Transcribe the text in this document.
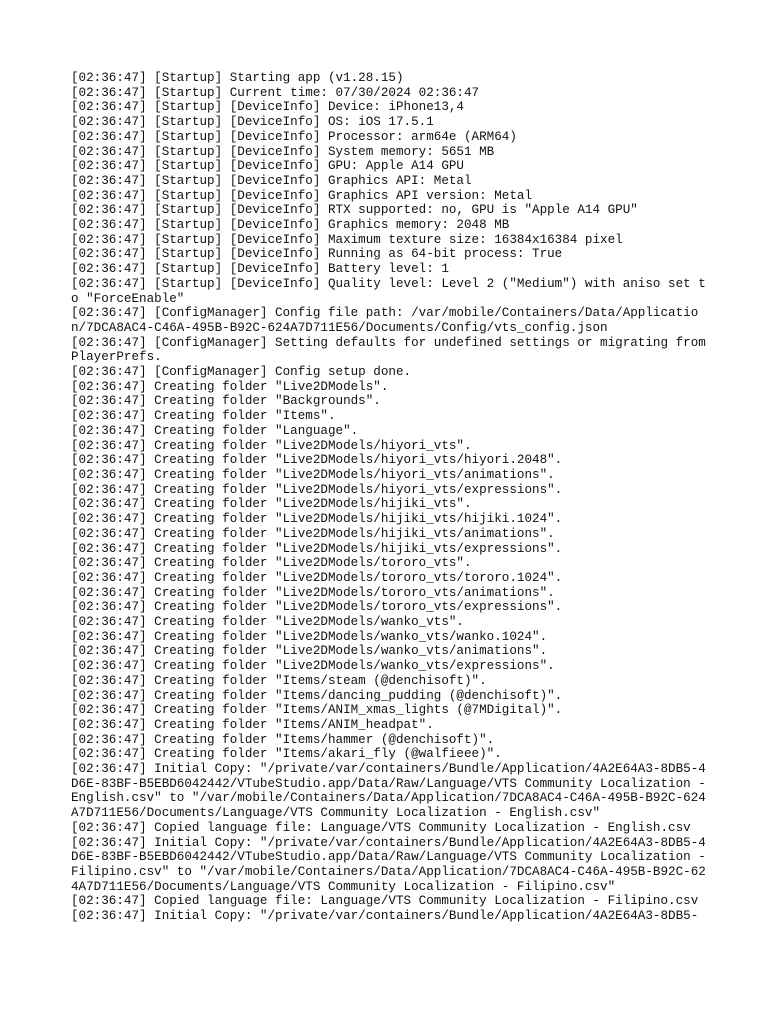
[02:36:47] [Startup] Starting app (v1.28.15)
[02:36:47] [Startup] Current time: 07/30/2024 02:36:47
[02:36:47] [Startup] [DeviceInfo] Device: iPhone13,4
[02:36:47] [Startup] [DeviceInfo] OS: iOS 17.5.1
[02:36:47] [Startup] [DeviceInfo] Processor: arm64e (ARM64)
[02:36:47] [Startup] [DeviceInfo] System memory: 5651 MB
[02:36:47] [Startup] [DeviceInfo] GPU: Apple A14 GPU
[02:36:47] [Startup] [DeviceInfo] Graphics API: Metal
[02:36:47] [Startup] [DeviceInfo] Graphics API version: Metal
[02:36:47] [Startup] [DeviceInfo] RTX supported: no, GPU is "Apple A14 GPU"
[02:36:47] [Startup] [DeviceInfo] Graphics memory: 2048 MB
[02:36:47] [Startup] [DeviceInfo] Maximum texture size: 16384x16384 pixel
[02:36:47] [Startup] [DeviceInfo] Running as 64-bit process: True
[02:36:47] [Startup] [DeviceInfo] Battery level: 1
[02:36:47] [Startup] [DeviceInfo] Quality level: Level 2 ("Medium") with aniso set to "ForceEnable"
[02:36:47] [ConfigManager] Config file path: /var/mobile/Containers/Data/Application/7DCA8AC4-C46A-495B-B92C-624A7D711E56/Documents/Config/vts_config.json
[02:36:47] [ConfigManager] Setting defaults for undefined settings or migrating from PlayerPrefs.
[02:36:47] [ConfigManager] Config setup done.
[02:36:47] Creating folder "Live2DModels".
[02:36:47] Creating folder "Backgrounds".
[02:36:47] Creating folder "Items".
[02:36:47] Creating folder "Language".
[02:36:47] Creating folder "Live2DModels/hiyori_vts".
[02:36:47] Creating folder "Live2DModels/hiyori_vts/hiyori.2048".
[02:36:47] Creating folder "Live2DModels/hiyori_vts/animations".
[02:36:47] Creating folder "Live2DModels/hiyori_vts/expressions".
[02:36:47] Creating folder "Live2DModels/hijiki_vts".
[02:36:47] Creating folder "Live2DModels/hijiki_vts/hijiki.1024".
[02:36:47] Creating folder "Live2DModels/hijiki_vts/animations".
[02:36:47] Creating folder "Live2DModels/hijiki_vts/expressions".
[02:36:47] Creating folder "Live2DModels/tororo_vts".
[02:36:47] Creating folder "Live2DModels/tororo_vts/tororo.1024".
[02:36:47] Creating folder "Live2DModels/tororo_vts/animations".
[02:36:47] Creating folder "Live2DModels/tororo_vts/expressions".
[02:36:47] Creating folder "Live2DModels/wanko_vts".
[02:36:47] Creating folder "Live2DModels/wanko_vts/wanko.1024".
[02:36:47] Creating folder "Live2DModels/wanko_vts/animations".
[02:36:47] Creating folder "Live2DModels/wanko_vts/expressions".
[02:36:47] Creating folder "Items/steam (@denchisoft)".
[02:36:47] Creating folder "Items/dancing_pudding (@denchisoft)".
[02:36:47] Creating folder "Items/ANIM_xmas_lights (@7MDigital)".
[02:36:47] Creating folder "Items/ANIM_headpat".
[02:36:47] Creating folder "Items/hammer (@denchisoft)".
[02:36:47] Creating folder "Items/akari_fly (@walfieee)".
[02:36:47] Initial Copy: "/private/var/containers/Bundle/Application/4A2E64A3-8DB5-4D6E-83BF-B5EBD6042442/VTubeStudio.app/Data/Raw/Language/VTS Community Localization - English.csv" to "/var/mobile/Containers/Data/Application/7DCA8AC4-C46A-495B-B92C-624A7D711E56/Documents/Language/VTS Community Localization - English.csv"
[02:36:47] Copied language file: Language/VTS Community Localization - English.csv
[02:36:47] Initial Copy: "/private/var/containers/Bundle/Application/4A2E64A3-8DB5-4D6E-83BF-B5EBD6042442/VTubeStudio.app/Data/Raw/Language/VTS Community Localization - Filipino.csv" to "/var/mobile/Containers/Data/Application/7DCA8AC4-C46A-495B-B92C-624A7D711E56/Documents/Language/VTS Community Localization - Filipino.csv"
[02:36:47] Copied language file: Language/VTS Community Localization - Filipino.csv
[02:36:47] Initial Copy: "/private/var/containers/Bundle/Application/4A2E64A3-8DB5-
